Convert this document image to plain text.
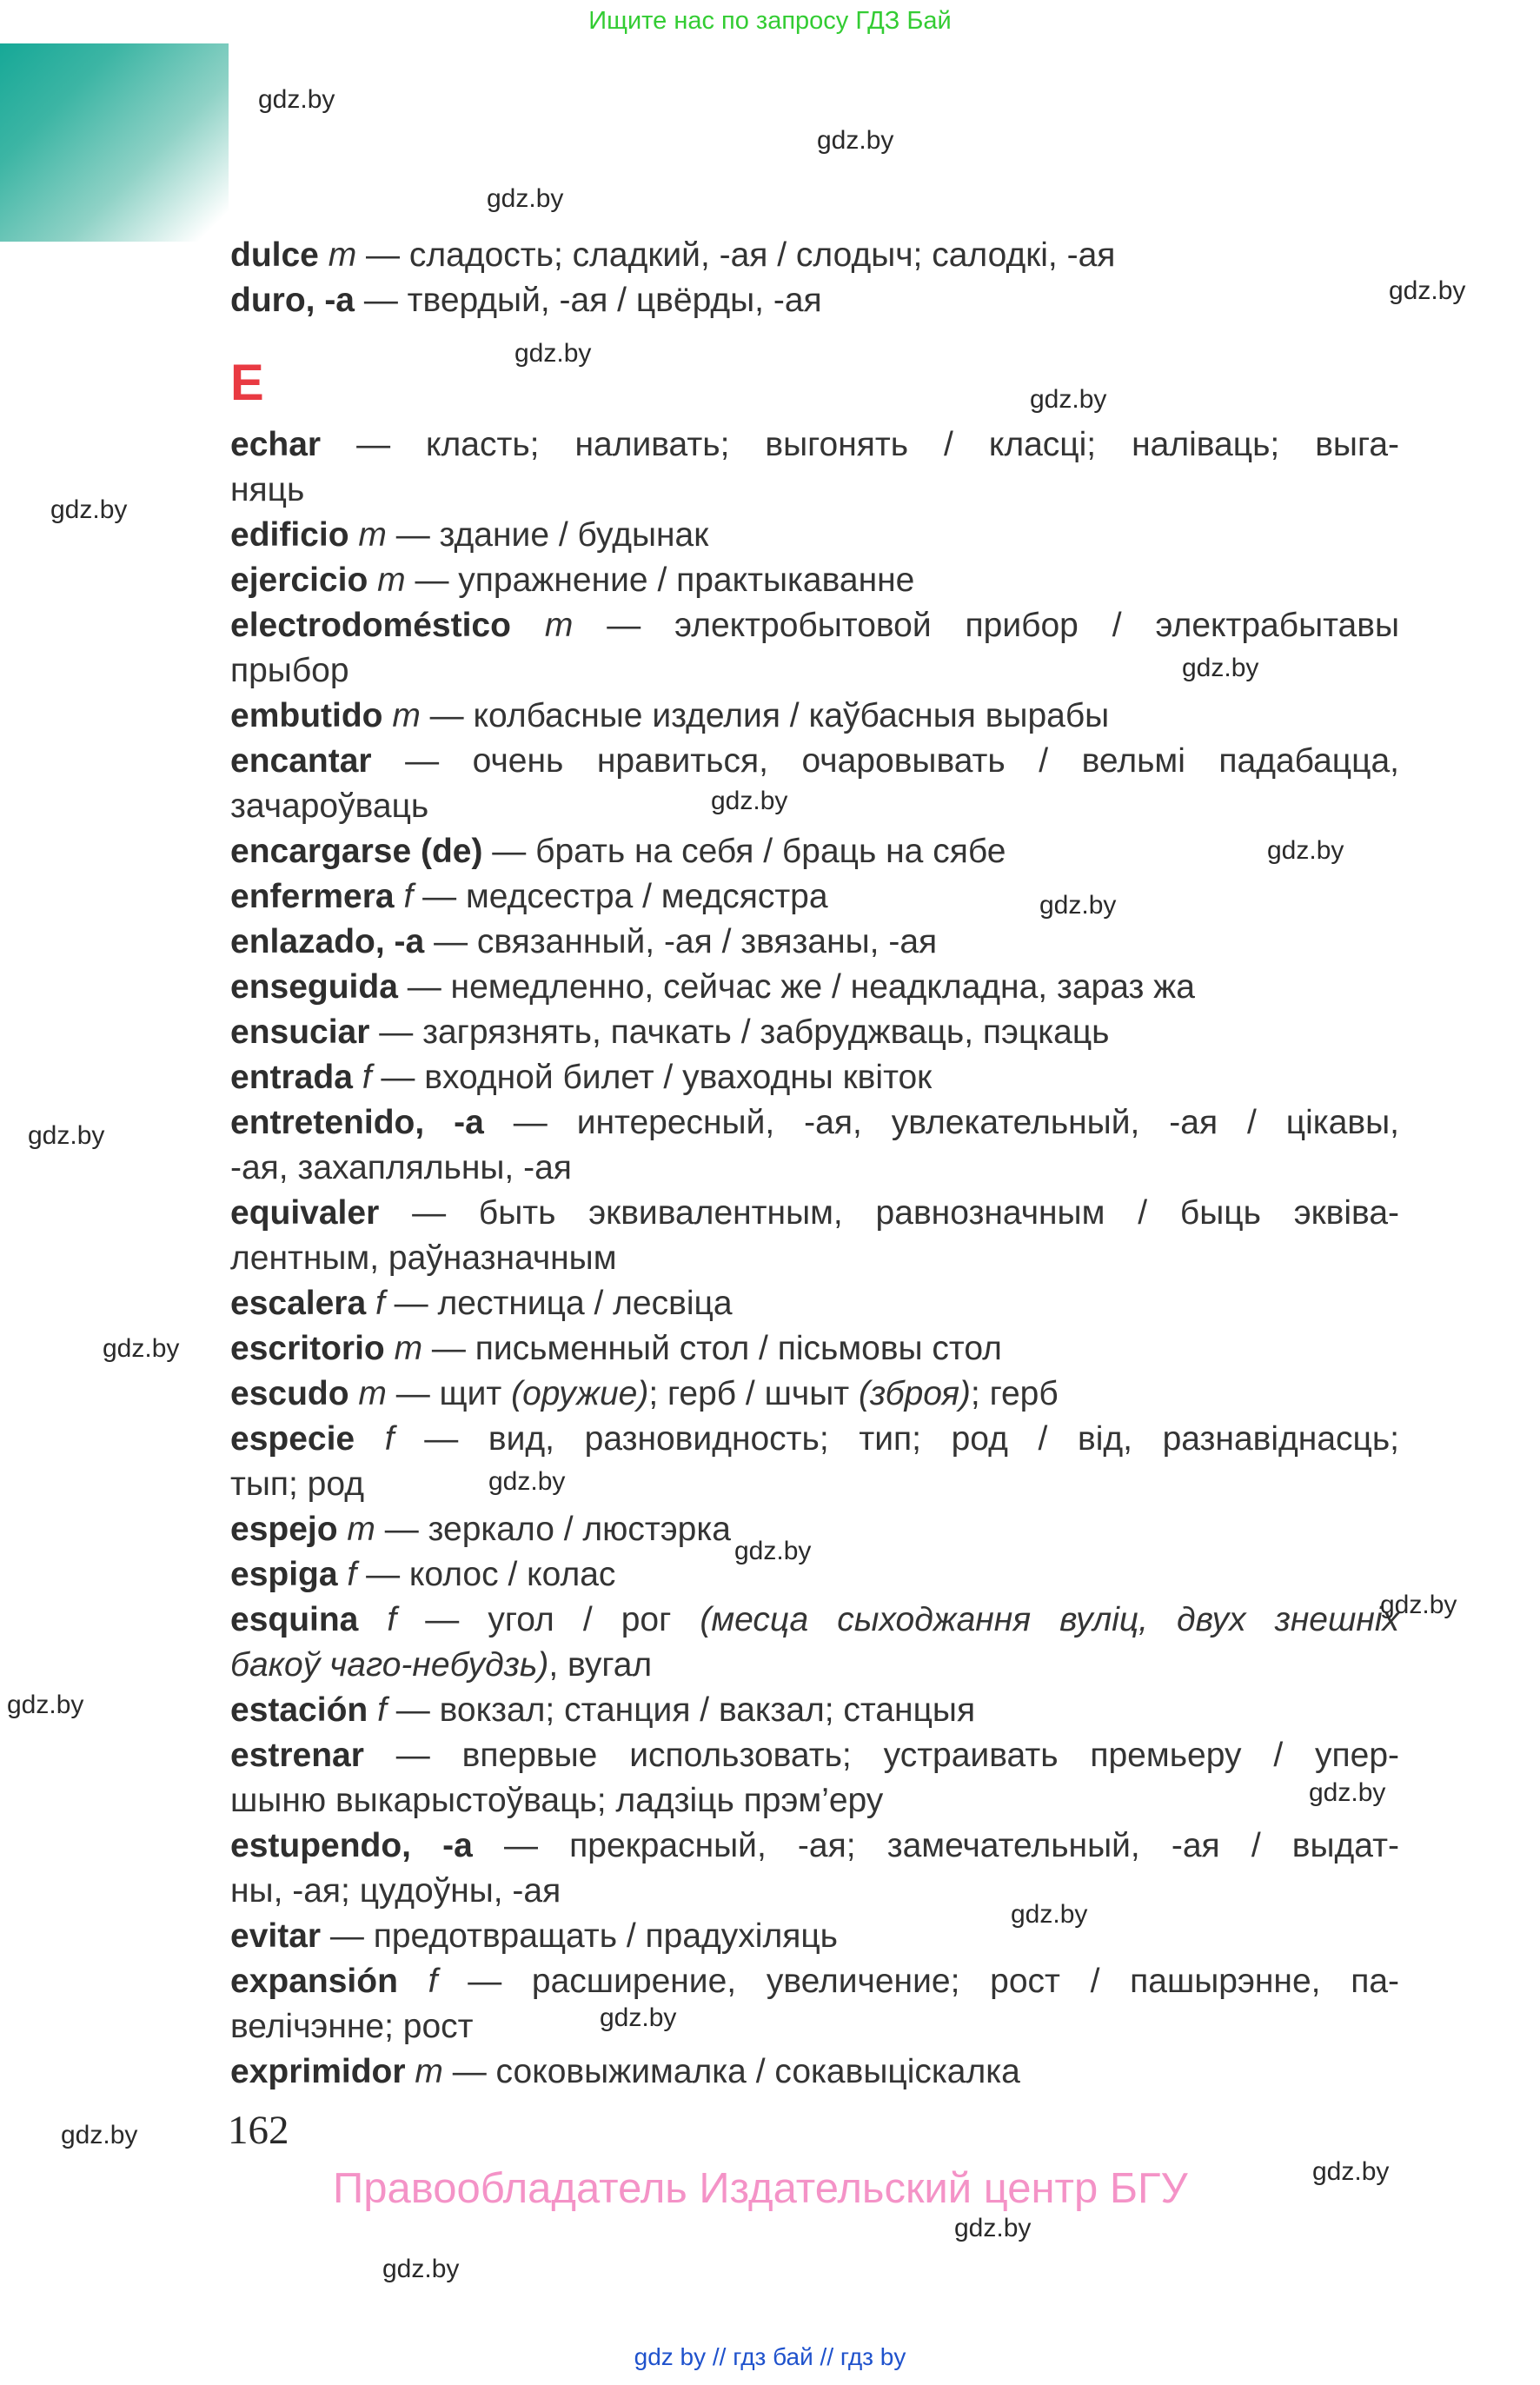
Ищите нас по запросу ГДЗ Бай
dulce m — сладость; сладкий, -ая / слодыч; салодкі, -ая
duro, -a — твердый, -ая / цвёрды, -ая
E
echar — класть; наливать; выгонять / класці; наліваць; выга-
няць
edificio m — здание / будынак
ejercicio m — упражнение / практыкаванне
electrodoméstico m — электробытовой прибор / электрабытавы
прыбор
embutido m — колбасные изделия / каўбасныя вырабы
encantar — очень нравиться, очаровывать / вельмі падабацца,
зачароўваць
encargarse (de) — брать на себя / браць на сябе
enfermera f — медсестра / медсястра
enlazado, -a — связанный, -ая / звязаны, -ая
enseguida — немедленно, сейчас же / неадкладна, зараз жа
ensuciar — загрязнять, пачкать / забруджваць, пэцкаць
entrada f — входной билет / уваходны квіток
entretenido, -a — интересный, -ая, увлекательный, -ая / цікавы,
-ая, захапляльны, -ая
equivaler — быть эквивалентным, равнозначным / быць эквіва-
лентным, раўназначным
escalera f — лестница / лесвіца
escritorio m — письменный стол / пісьмовы стол
escudo m — щит (оружие); герб / шчыт (зброя); герб
especie f — вид, разновидность; тип; род / від, разнавіднасць;
тып; род
espejo m — зеркало / люстэрка
espiga f — колос / колас
esquina f — угол / рог (месца сыходжання вуліц, двух знешніх
бакоў чаго-небудзь), вугал
estación f — вокзал; станция / вакзал; станцыя
estrenar — впервые использовать; устраивать премьеру / упер-
шыню выкарыстоўваць; ладзіць прэм’еру
estupendo, -a — прекрасный, -ая; замечательный, -ая / выдат-
ны, -ая; цудоўны, -ая
evitar — предотвращать / прадухіляць
expansión f — расширение, увеличение; рост / пашырэнне, па-
велічэнне; рост
exprimidor m — соковыжималка / сокавыціскалка
162
Правообладатель Издательский центр БГУ
gdz by // гдз бай // гдз by
gdz.by
gdz.by
gdz.by
gdz.by
gdz.by
gdz.by
gdz.by
gdz.by
gdz.by
gdz.by
gdz.by
gdz.by
gdz.by
gdz.by
gdz.by
gdz.by
gdz.by
gdz.by
gdz.by
gdz.by
gdz.by
gdz.by
gdz.by
gdz.by
